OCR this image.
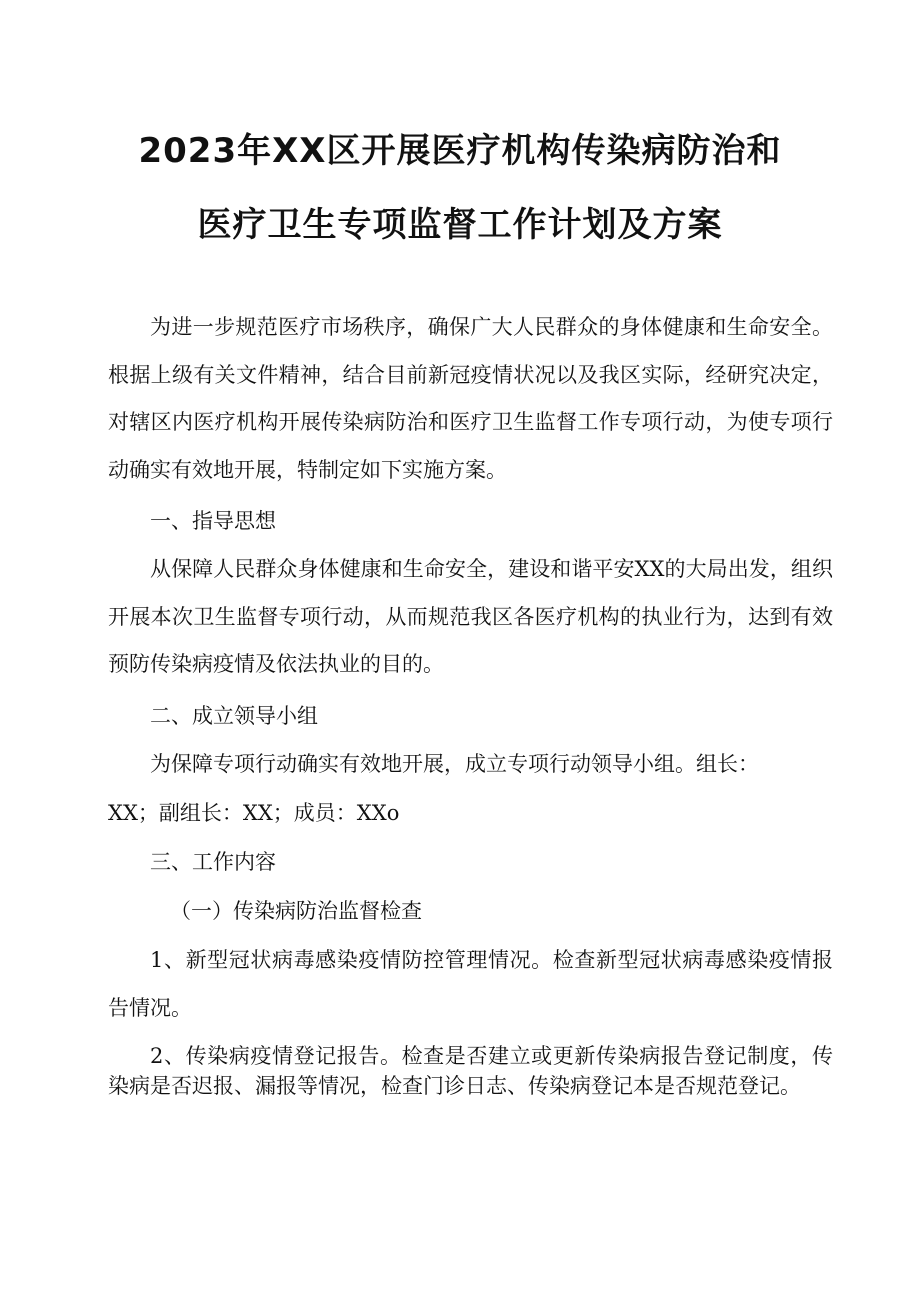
2023年XX区开展医疗机构传染病防治和
医疗卫生专项监督工作计划及方案

为进一步规范医疗市场秩序，确保广大人民群众的身体健康和生命安全。根据上级有关文件精神，结合目前新冠疫情状况以及我区实际，经研究决定，对辖区内医疗机构开展传染病防治和医疗卫生监督工作专项行动，为使专项行动确实有效地开展，特制定如下实施方案。

一、指导思想

从保障人民群众身体健康和生命安全，建设和谐平安XX的大局出发，组织开展本次卫生监督专项行动，从而规范我区各医疗机构的执业行为，达到有效预防传染病疫情及依法执业的目的。

二、成立领导小组

为保障专项行动确实有效地开展，成立专项行动领导小组。组长：

XX；副组长：XX；成员：XXo

三、工作内容
（一）传染病防治监督检查

1、新型冠状病毒感染疫情防控管理情况。检查新型冠状病毒感染疫情报告情况。

2、传染病疫情登记报告。检查是否建立或更新传染病报告登记制度，传染病是否迟报、漏报等情况，检查门诊日志、传染病登记本是否规范登记。
